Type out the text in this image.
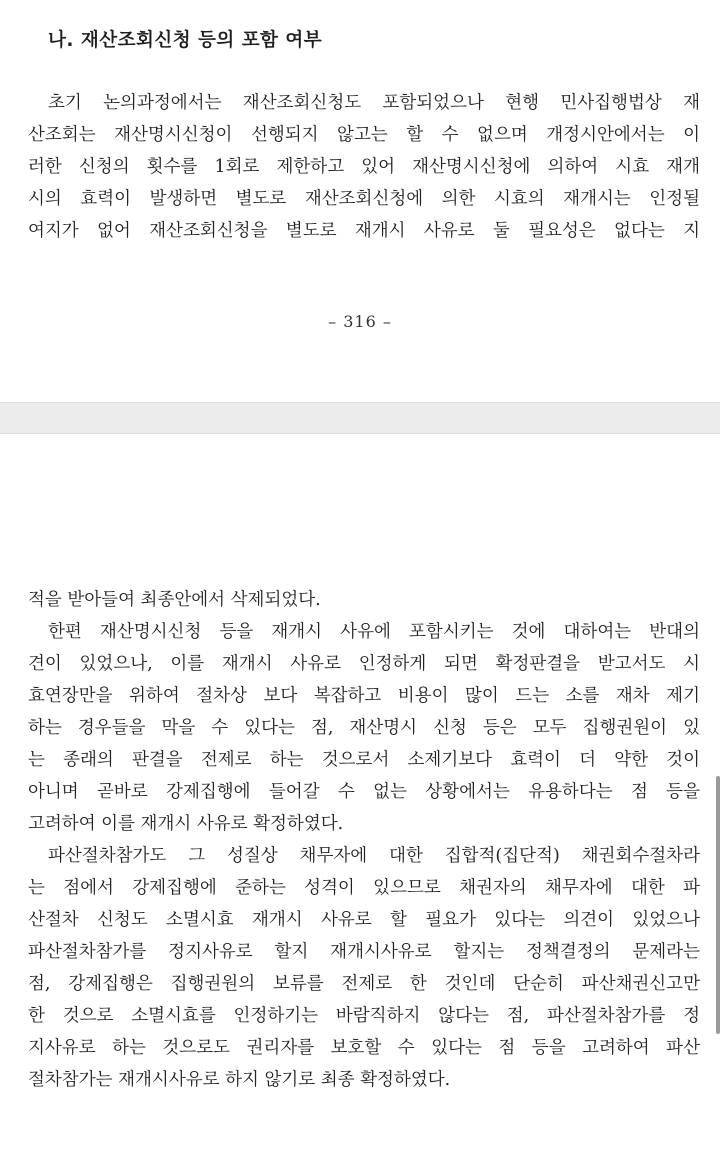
나. 재산조회신청 등의 포함 여부
초기 논의과정에서는 재산조회신청도 포함되었으나 현행 민사집행법상 재
산조회는 재산명시신청이 선행되지 않고는 할 수 없으며 개정시안에서는 이
러한 신청의 횟수를 1회로 제한하고 있어 재산명시신청에 의하여 시효 재개
시의 효력이 발생하면 별도로 재산조회신청에 의한 시효의 재개시는 인정될
여지가 없어 재산조회신청을 별도로 재개시 사유로 둘 필요성은 없다는 지
– 316 –
적을 받아들여 최종안에서 삭제되었다.
한편 재산명시신청 등을 재개시 사유에 포함시키는 것에 대하여는 반대의
견이 있었으나, 이를 재개시 사유로 인정하게 되면 확정판결을 받고서도 시
효연장만을 위하여 절차상 보다 복잡하고 비용이 많이 드는 소를 재차 제기
하는 경우들을 막을 수 있다는 점, 재산명시 신청 등은 모두 집행권원이 있
는 종래의 판결을 전제로 하는 것으로서 소제기보다 효력이 더 약한 것이
아니며 곧바로 강제집행에 들어갈 수 없는 상황에서는 유용하다는 점 등을
고려하여 이를 재개시 사유로 확정하였다.
파산절차참가도 그 성질상 채무자에 대한 집합적(집단적) 채권회수절차라
는 점에서 강제집행에 준하는 성격이 있으므로 채권자의 채무자에 대한 파
산절차 신청도 소멸시효 재개시 사유로 할 필요가 있다는 의견이 있었으나
파산절차참가를 정지사유로 할지 재개시사유로 할지는 정책결정의 문제라는
점, 강제집행은 집행권원의 보류를 전제로 한 것인데 단순히 파산채권신고만
한 것으로 소멸시효를 인정하기는 바람직하지 않다는 점, 파산절차참가를 정
지사유로 하는 것으로도 권리자를 보호할 수 있다는 점 등을 고려하여 파산
절차참가는 재개시사유로 하지 않기로 최종 확정하였다.
